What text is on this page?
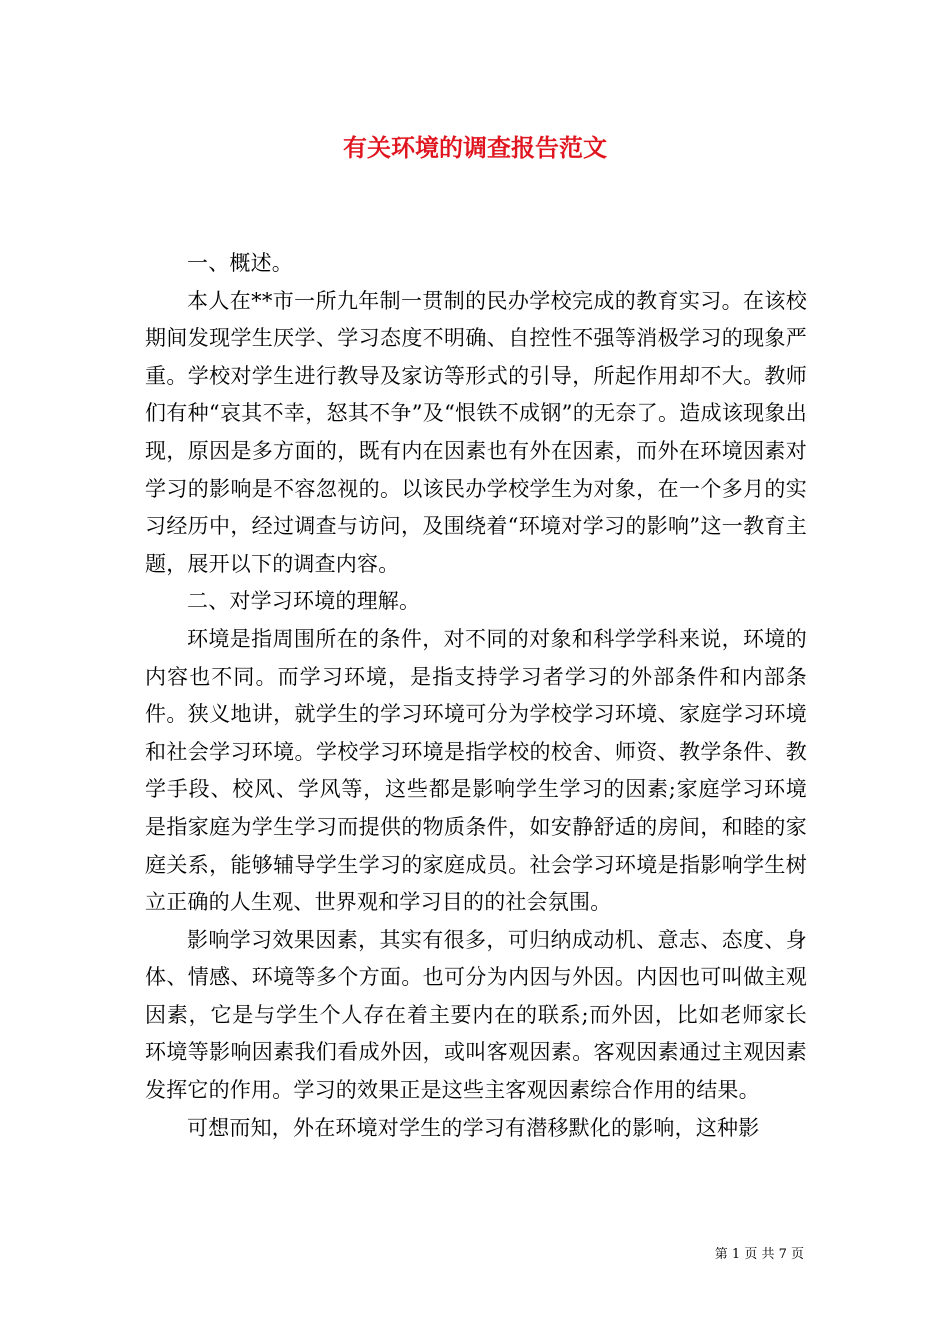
有关环境的调查报告范文

一、概述。

本人在**市一所九年制一贯制的民办学校完成的教育实习。在该校期间发现学生厌学、学习态度不明确、自控性不强等消极学习的现象严重。学校对学生进行教导及家访等形式的引导，所起作用却不大。教师们有种“哀其不幸，怒其不争”及“恨铁不成钢”的无奈了。造成该现象出现，原因是多方面的，既有内在因素也有外在因素，而外在环境因素对学习的影响是不容忽视的。以该民办学校学生为对象，在一个多月的实习经历中，经过调查与访问，及围绕着“环境对学习的影响”这一教育主题，展开以下的调查内容。

二、对学习环境的理解。

环境是指周围所在的条件，对不同的对象和科学学科来说，环境的内容也不同。而学习环境，是指支持学习者学习的外部条件和内部条件。狭义地讲，就学生的学习环境可分为学校学习环境、家庭学习环境和社会学习环境。学校学习环境是指学校的校舍、师资、教学条件、教学手段、校风、学风等，这些都是影响学生学习的因素;家庭学习环境是指家庭为学生学习而提供的物质条件，如安静舒适的房间，和睦的家庭关系，能够辅导学生学习的家庭成员。社会学习环境是指影响学生树立正确的人生观、世界观和学习目的的社会氛围。

影响学习效果因素，其实有很多，可归纳成动机、意志、态度、身体、情感、环境等多个方面。也可分为内因与外因。内因也可叫做主观因素，它是与学生个人存在着主要内在的联系;而外因，比如老师家长环境等影响因素我们看成外因，或叫客观因素。客观因素通过主观因素发挥它的作用。学习的效果正是这些主客观因素综合作用的结果。

可想而知，外在环境对学生的学习有潜移默化的影响，这种影

第 1 页 共 7 页
